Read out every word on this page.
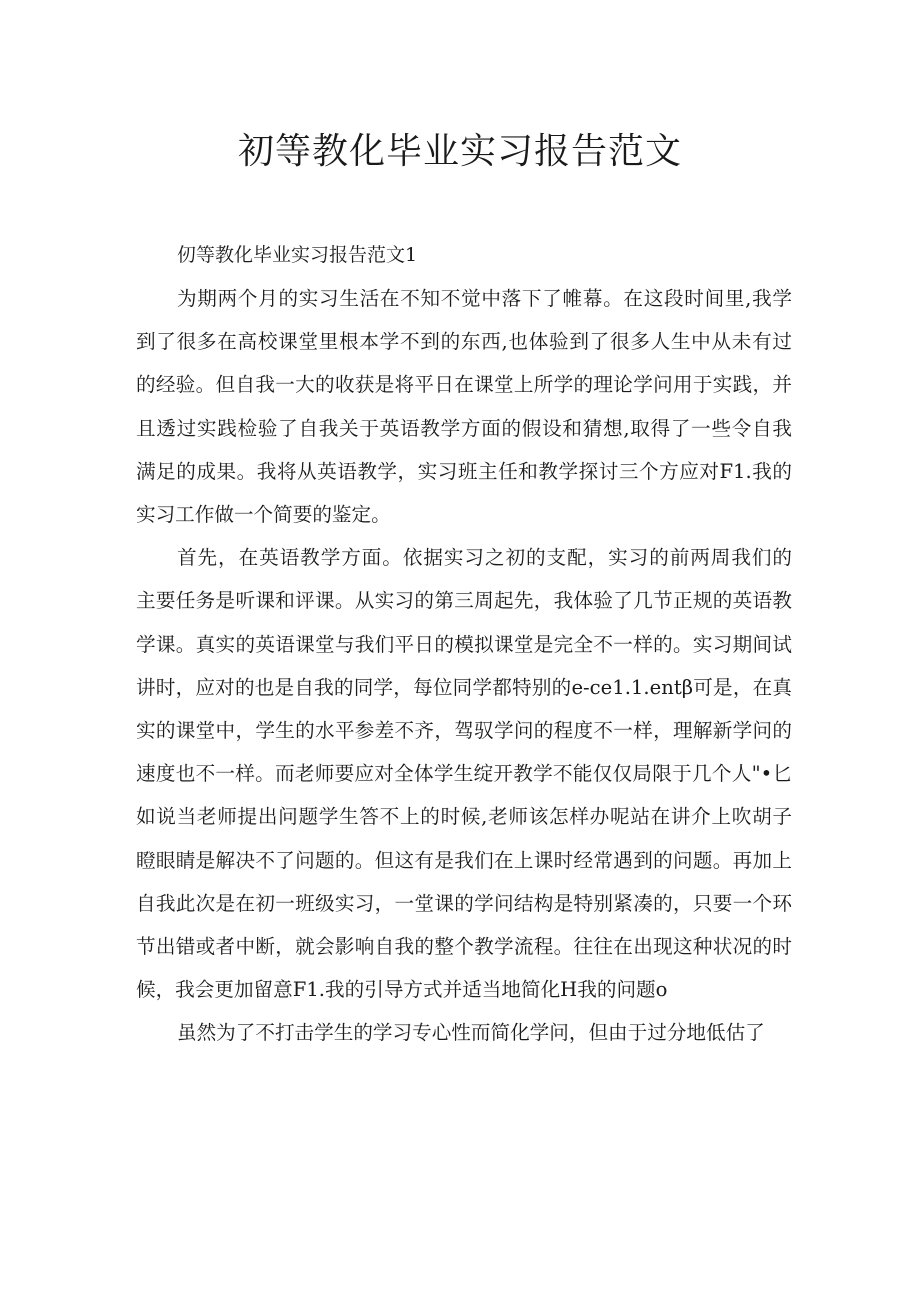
初等教化毕业实习报告范文

仞等教化毕业实习报告范文1

为期两个月的实习生活在不知不觉中落下了帷幕。在这段时间里,我学

到了很多在高校课堂里根本学不到的东西,也体验到了很多人生中从未有过

的经验。但自我一大的收获是将平日在课堂上所学的理论学问用于实践，并

且透过实践检验了自我关于英语教学方面的假设和猜想,取得了一些令自我

满足的成果。我将从英语教学，实习班主任和教学探讨三个方应对F1.我的

实习工作做一个简要的鉴定。

首先，在英语教学方面。依据实习之初的支配，实习的前两周我们的

主要任务是听课和评课。从实习的第三周起先，我体验了几节正规的英语教

学课。真实的英语课堂与我们平日的模拟课堂是完全不一样的。实习期间试

讲时，应对的也是自我的同学，每位同学都特别的e-ce1.1.entβ可是，在真

实的课堂中，学生的水平参差不齐，驾驭学问的程度不一样，理解新学问的

速度也不一样。而老师要应对全体学生绽开教学不能仅仅局限于几个人"•匕

如说当老师提出问题学生答不上的时候,老师该怎样办呢站在讲介上吹胡子

瞪眼睛是解决不了问题的。但这有是我们在上课时经常遇到的问题。再加上

自我此次是在初一班级实习，一堂课的学问结构是特别紧凑的，只要一个环

节出错或者中断，就会影响自我的整个教学流程。往往在出现这种状况的时

候，我会更加留意F1.我的引导方式并适当地简化H我的问题o

虽然为了不打击学生的学习专心性而简化学问，但由于过分地低估了
